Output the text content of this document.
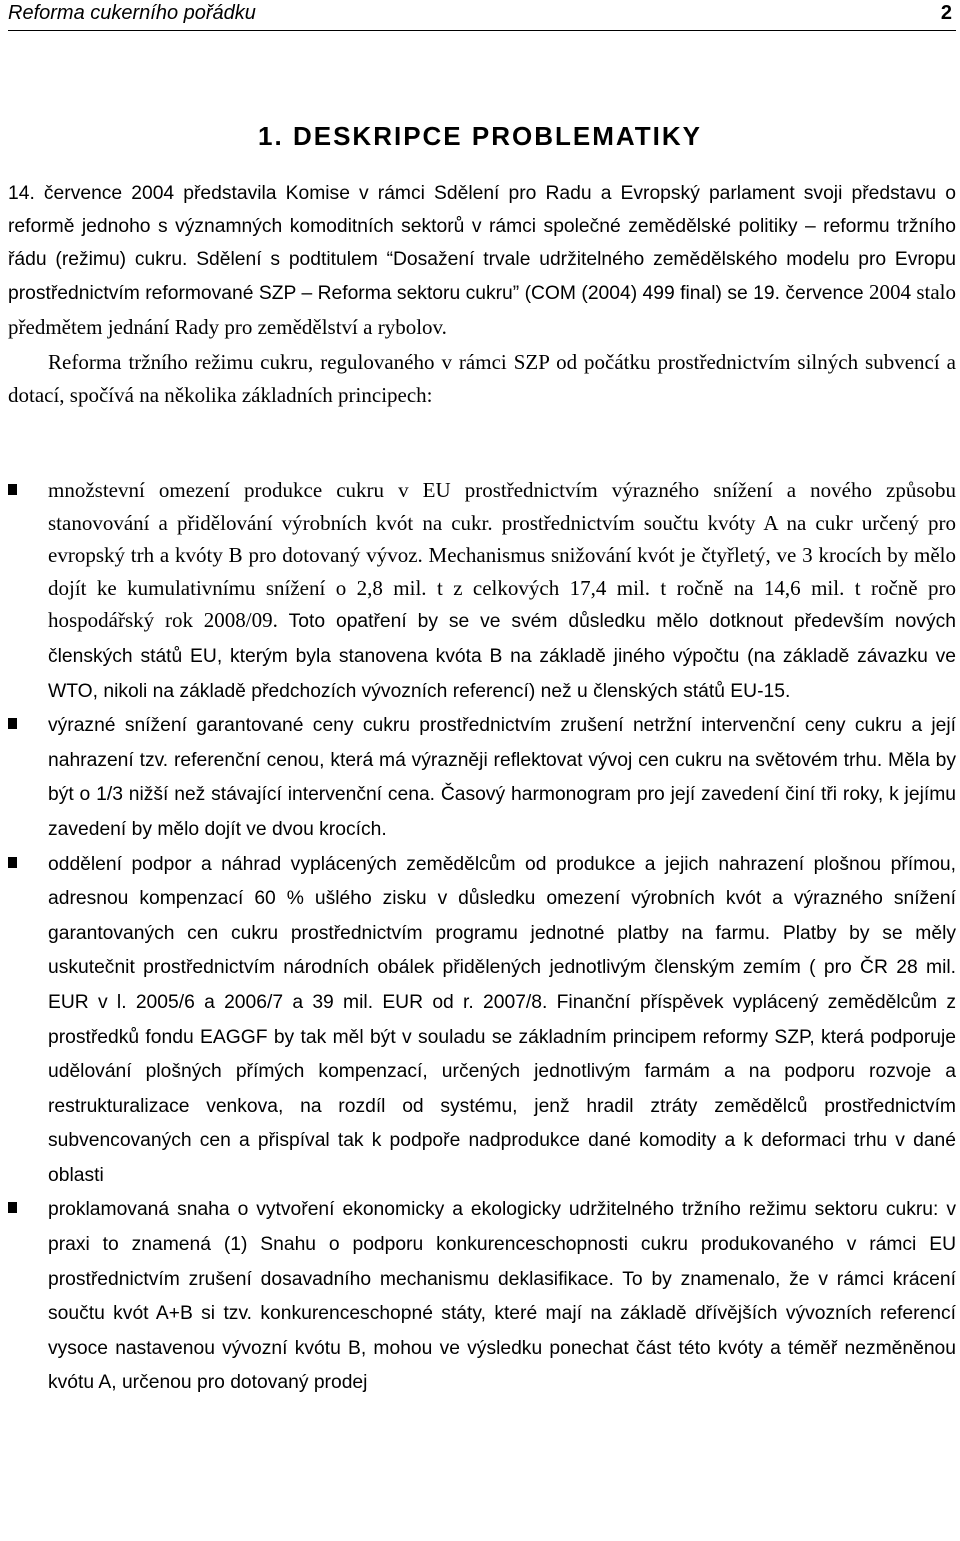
Reforma cukerního pořádku	2
1. DESKRIPCE PROBLEMATIKY

14. července 2004 představila Komise v rámci Sdělení pro Radu a Evropský parlament svoji představu o reformě jednoho s významných komoditních sektorů v rámci společné zemědělské politiky – reformu tržního řádu (režimu) cukru. Sdělení s podtitulem “Dosažení trvale udržitelného zemědělského modelu pro Evropu prostřednictvím reformované SZP – Reforma sektoru cukru” (COM (2004) 499 final) se 19. července 2004 stalo předmětem jednání Rady pro zemědělství a rybolov.

Reforma tržního režimu cukru, regulovaného v rámci SZP od počátku prostřednictvím silných subvencí a dotací, spočívá na několika základních principech:

množstevní omezení produkce cukru v EU prostřednictvím výrazného snížení a nového způsobu stanovování a přidělování výrobních kvót na cukr. prostřednictvím součtu kvóty A na cukr určený pro evropský trh a kvóty B pro dotovaný vývoz. Mechanismus snižování kvót je čtyřletý, ve 3 krocích by mělo dojít ke kumulativnímu snížení o 2,8 mil. t z celkových 17,4 mil. t ročně na 14,6 mil. t ročně pro hospodářský rok 2008/09. Toto opatření by se ve svém důsledku mělo dotknout především nových členských států EU, kterým byla stanovena kvóta B na základě jiného výpočtu (na základě závazku ve WTO, nikoli na základě předchozích vývozních referencí) než u členských států EU-15.
výrazné snížení garantované ceny cukru prostřednictvím zrušení netržní intervenční ceny cukru a její nahrazení tzv. referenční cenou, která má výrazněji reflektovat vývoj cen cukru na světovém trhu. Měla by být o 1/3 nižší než stávající intervenční cena. Časový harmonogram pro její zavedení činí tři roky, k jejímu zavedení by mělo dojít ve dvou krocích.
oddělení podpor a náhrad vyplácených zemědělcům od produkce a jejich nahrazení plošnou přímou, adresnou kompenzací 60 % ušlého zisku v důsledku omezení výrobních kvót a výrazného snížení garantovaných cen cukru prostřednictvím programu jednotné platby na farmu. Platby by se měly uskutečnit prostřednictvím národních obálek přidělených jednotlivým členským zemím ( pro ČR 28 mil. EUR v l. 2005/6 a 2006/7 a 39 mil. EUR od r. 2007/8. Finanční příspěvek vyplácený zemědělcům z prostředků fondu EAGGF by tak měl být v souladu se základním principem reformy SZP, která podporuje udělování plošných přímých kompenzací, určených jednotlivým farmám a na podporu rozvoje a restrukturalizace venkova, na rozdíl od systému, jenž hradil ztráty zemědělců prostřednictvím subvencovaných cen a přispíval tak k podpoře nadprodukce dané komodity a k deformaci trhu v dané oblasti
proklamovaná snaha o vytvoření ekonomicky a ekologicky udržitelného tržního režimu sektoru cukru: v praxi to znamená (1) Snahu o podporu konkurenceschopnosti cukru produkovaného v rámci EU prostřednictvím zrušení dosavadního mechanismu deklasifikace. To by znamenalo, že v rámci krácení součtu kvót A+B si tzv. konkurenceschopné státy, které mají na základě dřívějších vývozních referencí vysoce nastavenou vývozní kvótu B, mohou ve výsledku ponechat část této kvóty a téměř nezměněnou kvótu A, určenou pro dotovaný prodej
